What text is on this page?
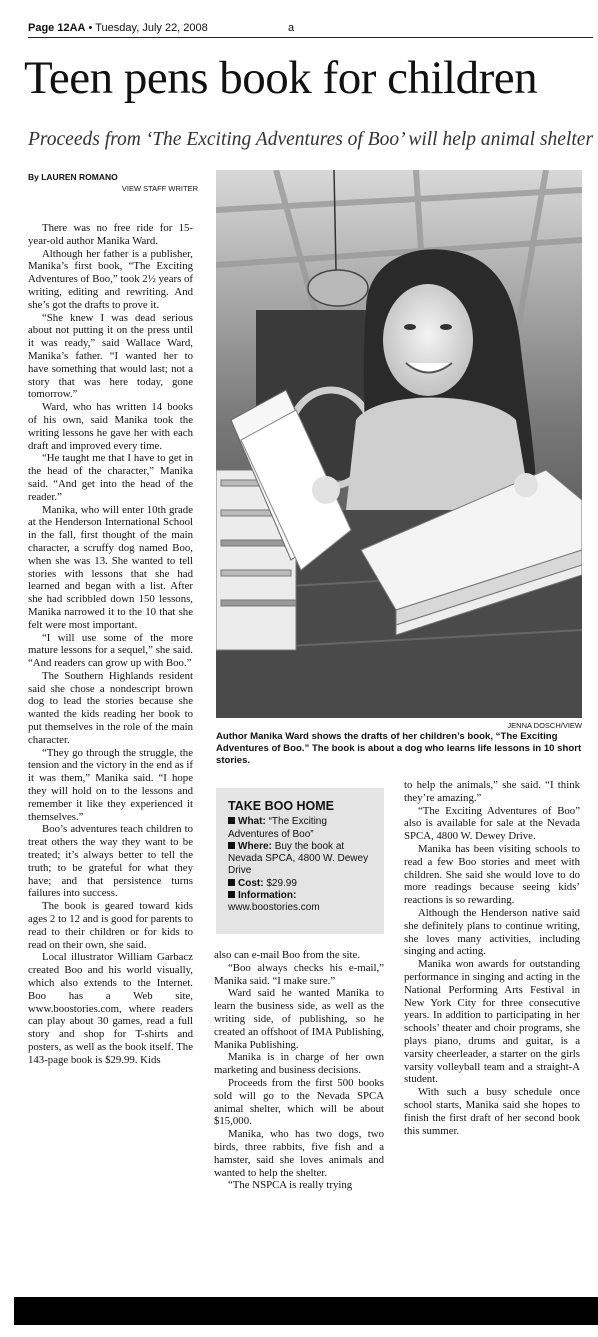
Page 12AA • Tuesday, July 22, 2008	a
Teen pens book for children
Proceeds from ‘The Exciting Adventures of Boo’ will help animal shelter
By LAUREN ROMANO
VIEW STAFF WRITER

There was no free ride for 15-year-old author Manika Ward.

Although her father is a publisher, Manika’s first book, “The Exciting Adventures of Boo,” took 2½ years of writing, editing and rewriting. And she’s got the drafts to prove it.

“She knew I was dead serious about not putting it on the press until it was ready,” said Wallace Ward, Manika’s father. “I wanted her to have something that would last; not a story that was here today, gone tomorrow.”

Ward, who has written 14 books of his own, said Manika took the writing lessons he gave her with each draft and improved every time.

“He taught me that I have to get in the head of the character,” Manika said. “And get into the head of the reader.”

Manika, who will enter 10th grade at the Henderson International School in the fall, first thought of the main character, a scruffy dog named Boo, when she was 13. She wanted to tell stories with lessons that she had learned and began with a list. After she had scribbled down 150 lessons, Manika narrowed it to the 10 that she felt were most important.

“I will use some of the more mature lessons for a sequel,” she said. “And readers can grow up with Boo.”

The Southern Highlands resident said she chose a nondescript brown dog to lead the stories because she wanted the kids reading her book to put themselves in the role of the main character.

“They go through the struggle, the tension and the victory in the end as if it was them,” Manika said. “I hope they will hold on to the lessons and remember it like they experienced it themselves.”

Boo’s adventures teach children to treat others the way they want to be treated; it’s always better to tell the truth; to be grateful for what they have; and that persistence turns failures into success.

The book is geared toward kids ages 2 to 12 and is good for parents to read to their children or for kids to read on their own, she said.

Local illustrator William Garbacz created Boo and his world visually, which also extends to the Internet. Boo has a Web site, www.boostories.com, where readers can play about 30 games, read a full story and shop for T-shirts and posters, as well as the book itself. The 143-page book is $29.99. Kids

JENNA DOSCH/VIEW
Author Manika Ward shows the drafts of her children’s book, “The Exciting Adventures of Boo.” The book is about a dog who learns life lessons in 10 short stories.
TAKE BOO HOME

What: “The Exciting Adventures of Boo”

Where: Buy the book at Nevada SPCA, 4800 W. Dewey Drive

Cost: $29.99

Information: www.boostories.com

also can e-mail Boo from the site.

“Boo always checks his e-mail,” Manika said. “I make sure.”

Ward said he wanted Manika to learn the business side, as well as the writing side, of publishing, so he created an offshoot of IMA Publishing, Manika Publishing.

Manika is in charge of her own marketing and business decisions.

Proceeds from the first 500 books sold will go to the Nevada SPCA animal shelter, which will be about $15,000.

Manika, who has two dogs, two birds, three rabbits, five fish and a hamster, said she loves animals and wanted to help the shelter.

“The NSPCA is really trying

to help the animals,” she said. “I think they’re amazing.”

“The Exciting Adventures of Boo” also is available for sale at the Nevada SPCA, 4800 W. Dewey Drive.

Manika has been visiting schools to read a few Boo stories and meet with children. She said she would love to do more readings because seeing kids’ reactions is so rewarding.

Although the Henderson native said she definitely plans to continue writing, she loves many activities, including singing and acting.

Manika won awards for outstanding performance in singing and acting in the National Performing Arts Festival in New York City for three consecutive years. In addition to participating in her schools’ theater and choir programs, she plays piano, drums and guitar, is a varsity cheerleader, a starter on the girls varsity volleyball team and a straight-A student.

With such a busy schedule once school starts, Manika said she hopes to finish the first draft of her second book this summer.
